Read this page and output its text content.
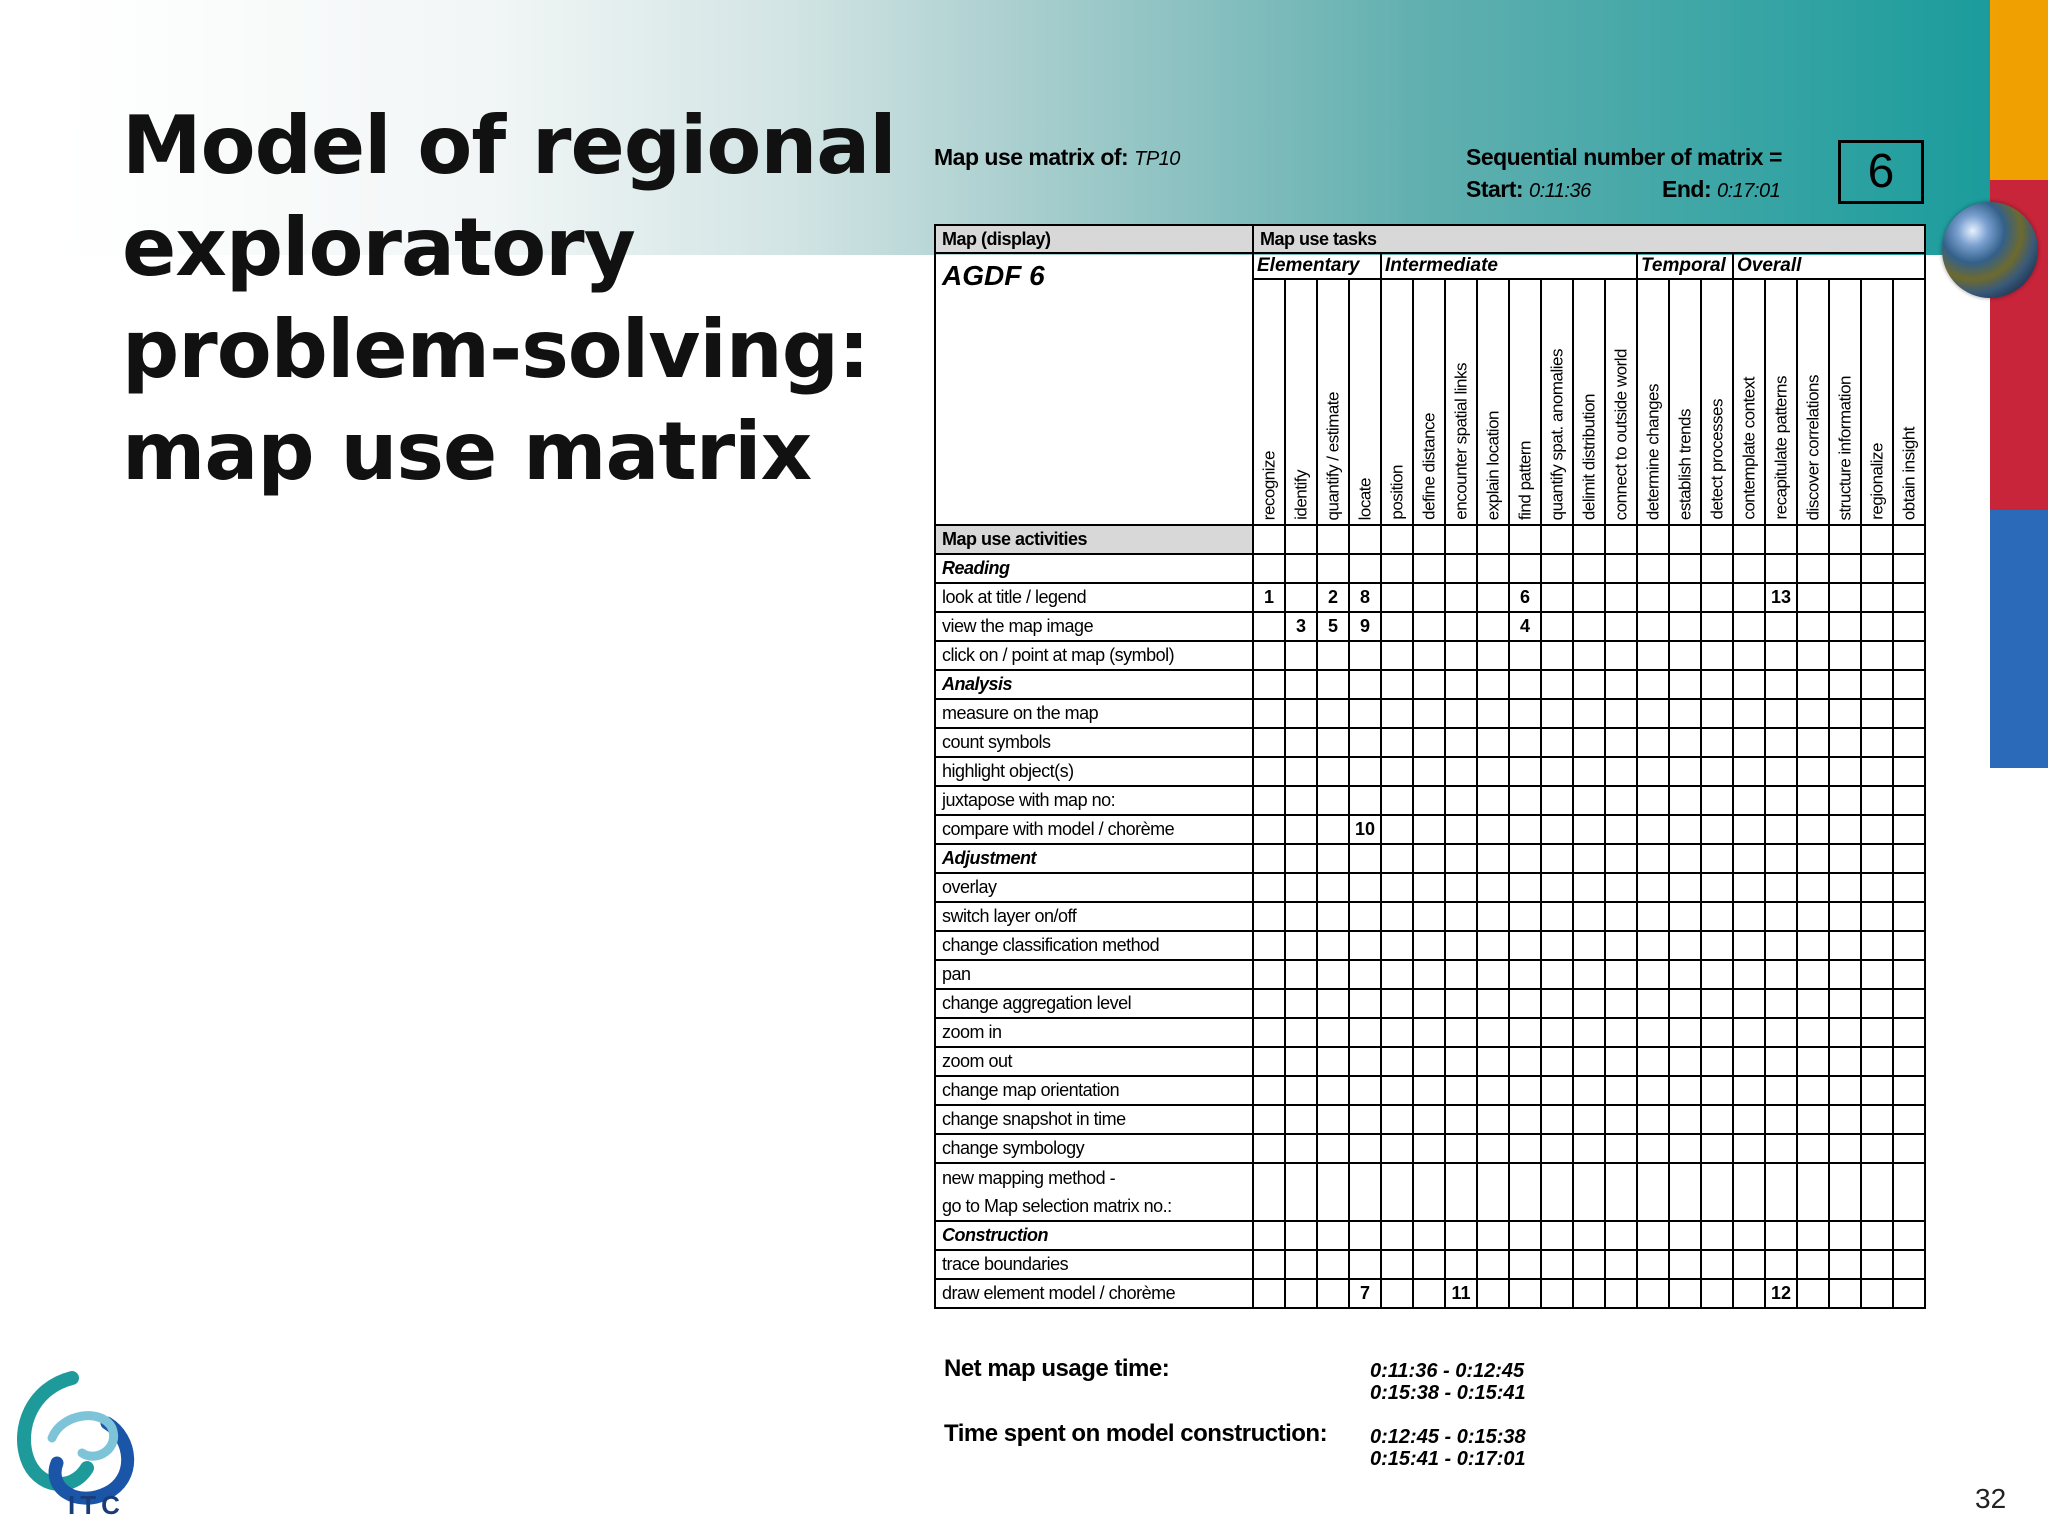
Model of regional
exploratory
problem-solving:
map use matrix
ITC	32
Map use matrix of: TP10	Sequential number of matrix =	6
Start: 0:11:36	End: 0:17:01
Net map usage time:	0:11:36 - 0:12:45
0:15:38 - 0:15:41
Time spent on model construction: 0:12:45 - 0:15:38
0:15:41 - 0:17:01
Map (display)	Map use tasks																				
AGDF 6	Elementary				Intermediate								Temporal			Overall					

	recognize	identify	quantify / estimate	locate	position	define distance	encounter spatial links	explain location	find pattern	quantify spat. anomalies	delimit distribution	connect to outside world	determine changes	establish trends	detect processes	contemplate context	recapitulate patterns	discover correlations	structure information	regionalize	obtain insight

Map use activities																					
Reading																					
look at title / legend	1		2	8					6								13				
view the map image		3	5	9					4												
click on / point at map (symbol)																					
Analysis																					
measure on the map																					
count symbols																					
highlight object(s)																					
juxtapose with map no:																					
compare with model / chorème				10																	
Adjustment																					
overlay																					
switch layer on/off																					
change classification method																					
pan																					
change aggregation level																					
zoom in																					
zoom out																					
change map orientation																					
change snapshot in time																					
change symbology																					
new mapping method -																					
go to Map selection matrix no.:																					
Construction																					
trace boundaries																					
draw element model / chorème				7			11										12				
